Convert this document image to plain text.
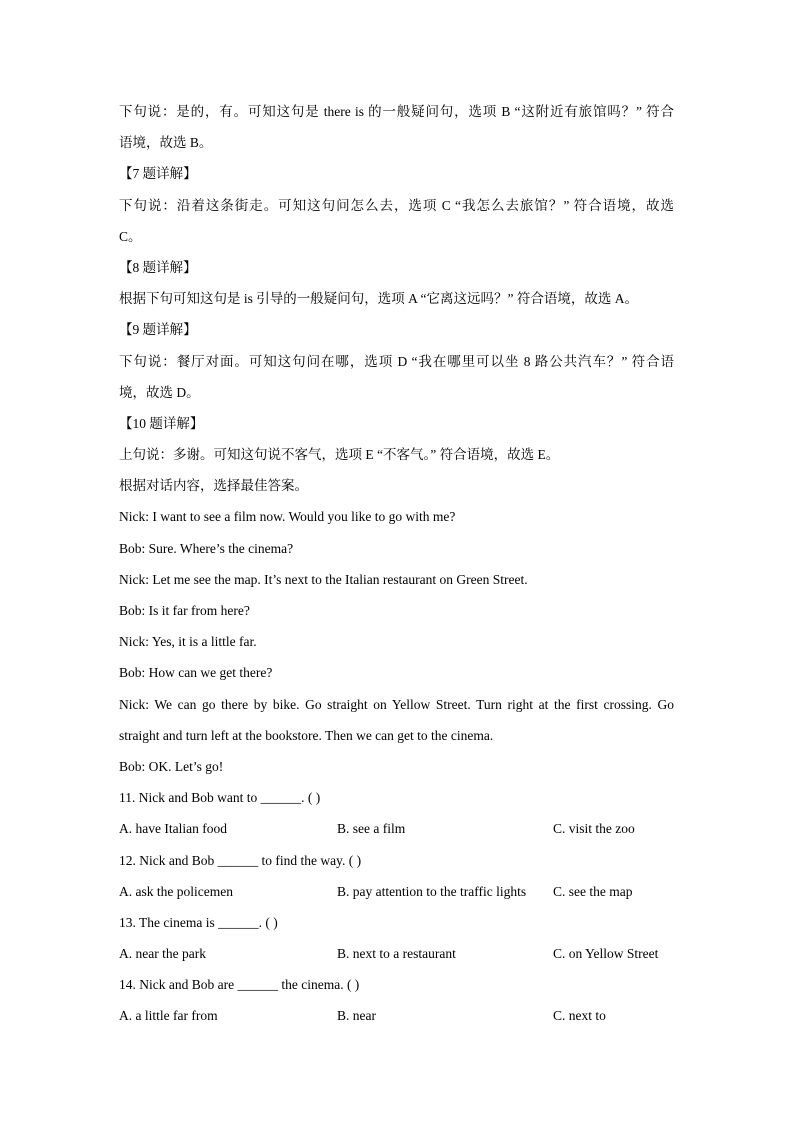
下句说：是的，有。可知这句是 there is 的一般疑问句，选项 B “这附近有旅馆吗？” 符合
语境，故选 B。
【7 题详解】
下句说：沿着这条街走。可知这句问怎么去，选项 C “我怎么去旅馆？” 符合语境，故选
C。
【8 题详解】
根据下句可知这句是 is 引导的一般疑问句，选项 A “它离这远吗？” 符合语境，故选 A。
【9 题详解】
下句说：餐厅对面。可知这句问在哪，选项 D “我在哪里可以坐 8 路公共汽车？” 符合语
境，故选 D。
【10 题详解】
上句说：多谢。可知这句说不客气，选项 E “不客气。” 符合语境，故选 E。
根据对话内容，选择最佳答案。
Nick: I want to see a film now. Would you like to go with me?
Bob: Sure. Where’s the cinema?
Nick: Let me see the map. It’s next to the Italian restaurant on Green Street.
Bob: Is it far from here?
Nick: Yes, it is a little far.
Bob: How can we get there?
Nick: We can go there by bike. Go straight on Yellow Street. Turn right at the first crossing. Go
straight and turn left at the bookstore. Then we can get to the cinema.
Bob: OK. Let’s go!
11. Nick and Bob want to ______. ( )
A. have Italian food	B. see a film	C. visit the zoo
12. Nick and Bob ______ to find the way. ( )
A. ask the policemen	B. pay attention to the traffic lights	C. see the map
13. The cinema is ______. ( )
A. near the park	B. next to a restaurant	C. on Yellow Street
14. Nick and Bob are ______ the cinema. ( )
A. a little far from	B. near	C. next to
